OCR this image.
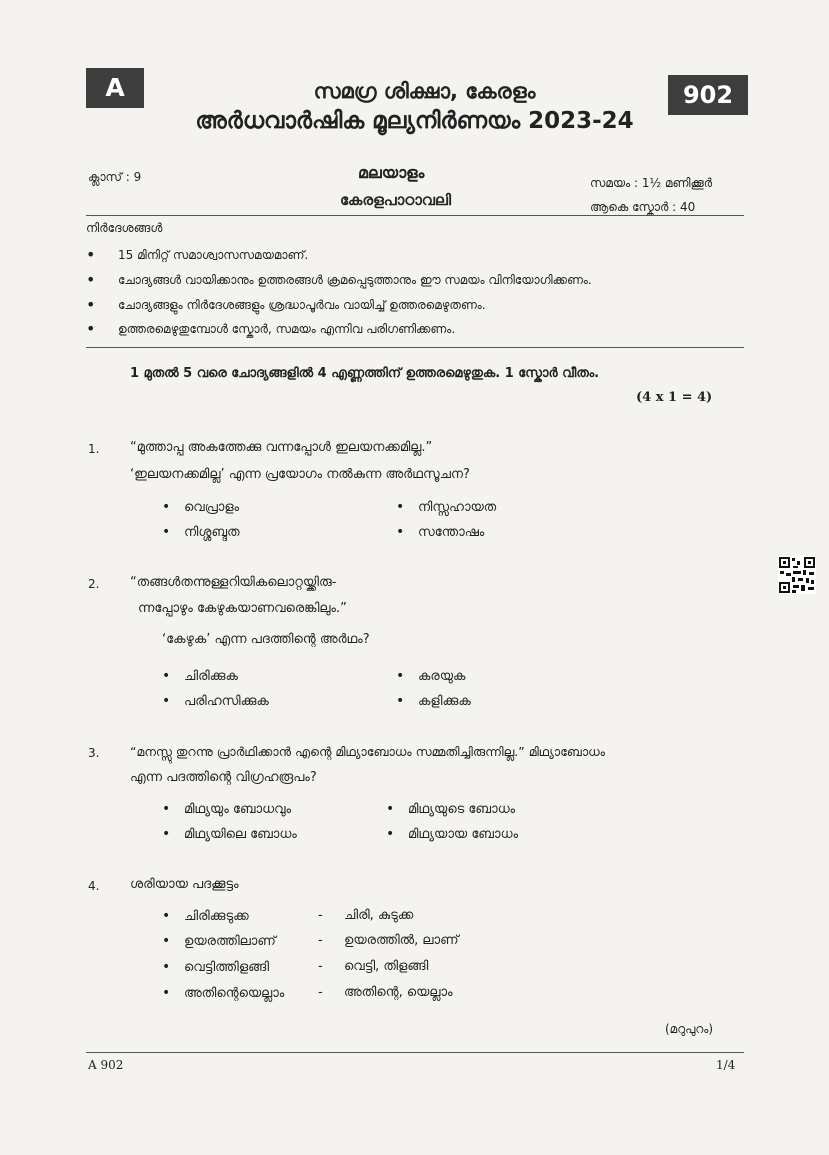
A	902
സമഗ്ര ശിക്ഷാ, കേരളം
അർധവാർഷിക മൂല്യനിർണയം 2023-24
ക്ലാസ് : 9	മലയാളം
കേരളപാഠാവലി
സമയം : 1½ മണിക്കൂർ
ആകെ സ്കോർ : 40
നിർദേശങ്ങൾ
• 15 മിനിറ്റ് സമാശ്വാസസമയമാണ്.
• ചോദ്യങ്ങൾ വായിക്കാനും ഉത്തരങ്ങൾ ക്രമപ്പെടുത്താനും ഈ സമയം വിനിയോഗിക്കണം.
• ചോദ്യങ്ങളും നിർദേശങ്ങളും ശ്രദ്ധാപൂർവം വായിച്ച് ഉത്തരമെഴുതണം.
• ഉത്തരമെഴുതുമ്പോൾ സ്കോർ, സമയം എന്നിവ പരിഗണിക്കണം.
1 മുതൽ 5 വരെ ചോദ്യങ്ങളിൽ 4 എണ്ണത്തിന് ഉത്തരമെഴുതുക. 1 സ്കോർ വീതം.
(4 x 1 = 4)
1. “മുത്താപ്പ അകത്തേക്കു വന്നപ്പോൾ ഇലയനക്കമില്ല.”
‘ഇലയനക്കമില്ല’ എന്ന പ്രയോഗം നൽകുന്ന അർഥസൂചന?
• വെപ്രാളം	• നിസ്സഹായത
• നിശ്ശബ്ദത	• സന്തോഷം
2. “തങ്ങൾതന്നുള്ളറിയികലൊറ്റയ്ക്കിരു-
ന്നപ്പോഴും കേഴുകയാണവരെങ്കിലും.”
‘കേഴുക’ എന്ന പദത്തിന്റെ അർഥം?
• ചിരിക്കുക	• കരയുക
• പരിഹസിക്കുക	• കളിക്കുക
3. “മനസ്സു തുറന്നു പ്രാർഥിക്കാൻ എന്റെ മിഥ്യാബോധം സമ്മതിച്ചിരുന്നില്ല.” മിഥ്യാബോധം
എന്ന പദത്തിന്റെ വിഗ്രഹരൂപം?
• മിഥ്യയും ബോധവും	• മിഥ്യയുടെ ബോധം
• മിഥ്യയിലെ ബോധം	• മിഥ്യയായ ബോധം
4. ശരിയായ പദക്കൂട്ടം
• ചിരിക്കുടുക്ക	- ചിരി, കുടുക്ക
• ഉയരത്തിലാണ്	- ഉയരത്തിൽ, ലാണ്
• വെട്ടിത്തിളങ്ങി	- വെട്ടി, തിളങ്ങി
• അതിന്റെയെല്ലാം	- അതിന്റെ, യെല്ലാം
(മറുപുറം)
A 902	1/4
